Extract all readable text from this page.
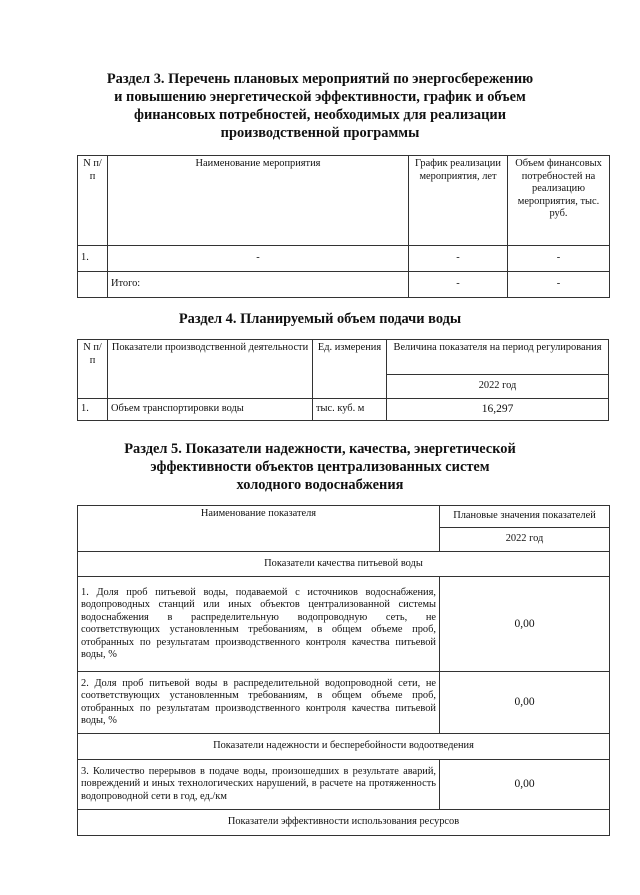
Раздел 3. Перечень плановых мероприятий по энергосбережению
и повышению энергетической эффективности, график и объем
финансовых потребностей, необходимых для реализации
производственной программы
N п/п	Наименование мероприятия	График реализации мероприятия, лет	Объем финансовых потребностей на реализацию мероприятия, тыс. руб.
1.	-	-	-
	Итого:	-	-
Раздел 4. Планируемый объем подачи воды
N п/п	Показатели производственной деятельности	Ед. измерения	Величина показателя на период регулирования
			2022 год
1.	Объем транспортировки воды	тыс. куб. м	16,297
Раздел 5. Показатели надежности, качества, энергетической
эффективности объектов централизованных систем
холодного водоснабжения
Наименование показателя	Плановые значения показателей
	2022 год
Показатели качества питьевой воды	
1. Доля проб питьевой воды, подаваемой с источников водоснабжения, водопроводных станций или иных объектов централизованной системы водоснабжения в распределительную водопроводную сеть, не соответствующих установленным требованиям, в общем объеме проб, отобранных по результатам производственного контроля качества питьевой воды, %	0,00
2. Доля проб питьевой воды в распределительной водопроводной сети, не соответствующих установленным требованиям, в общем объеме проб, отобранных по результатам производственного контроля качества питьевой воды, %	0,00
Показатели надежности и бесперебойности водоотведения	
3. Количество перерывов в подаче воды, произошедших в результате аварий, повреждений и иных технологических нарушений, в расчете на протяженность водопроводной сети в год, ед./км	0,00
Показатели эффективности использования ресурсов	
